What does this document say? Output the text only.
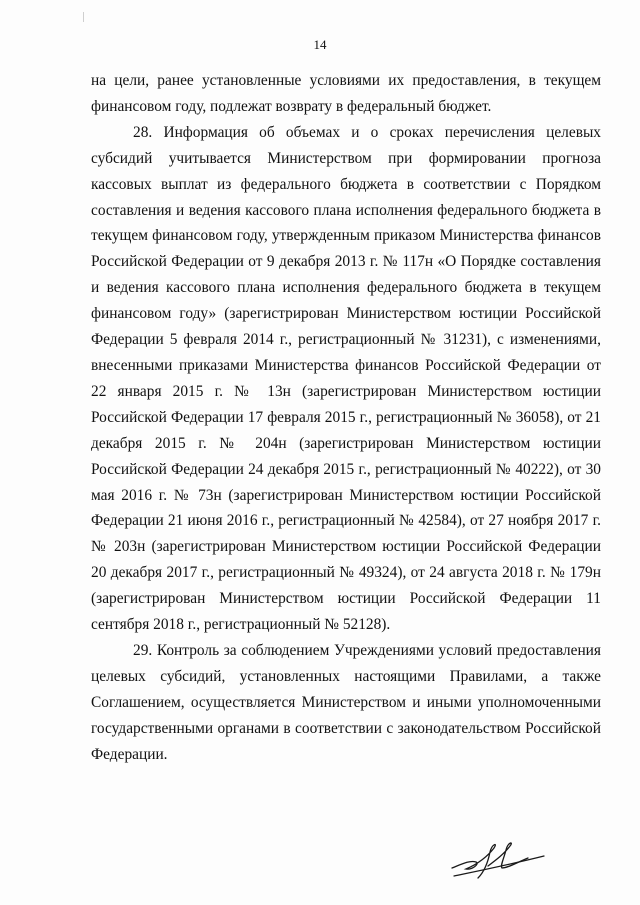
14

на цели, ранее установленные условиями их предоставления, в текущем финансовом году, подлежат возврату в федеральный бюджет.

28. Информация об объемах и о сроках перечисления целевых субсидий учитывается Министерством при формировании прогноза кассовых выплат из федерального бюджета в соответствии с Порядком составления и ведения кассового плана исполнения федерального бюджета в текущем финансовом году, утвержденным приказом Министерства финансов Российской Федерации от 9 декабря 2013 г. № 117н «О Порядке составления и ведения кассового плана исполнения федерального бюджета в текущем финансовом году» (зарегистрирован Министерством юстиции Российской Федерации 5 февраля 2014 г., регистрационный № 31231), с изменениями, внесенными приказами Министерства финансов Российской Федерации от 22 января 2015 г. № 13н (зарегистрирован Министерством юстиции Российской Федерации 17 февраля 2015 г., регистрационный № 36058), от 21 декабря 2015 г. № 204н (зарегистрирован Министерством юстиции Российской Федерации 24 декабря 2015 г., регистрационный № 40222), от 30 мая 2016 г. № 73н (зарегистрирован Министерством юстиции Российской Федерации 21 июня 2016 г., регистрационный № 42584), от 27 ноября 2017 г. № 203н (зарегистрирован Министерством юстиции Российской Федерации 20 декабря 2017 г., регистрационный № 49324), от 24 августа 2018 г. № 179н (зарегистрирован Министерством юстиции Российской Федерации 11 сентября 2018 г., регистрационный № 52128).

29. Контроль за соблюдением Учреждениями условий предоставления целевых субсидий, установленных настоящими Правилами, а также Соглашением, осуществляется Министерством и иными уполномоченными государственными органами в соответствии с законодательством Российской Федерации.
